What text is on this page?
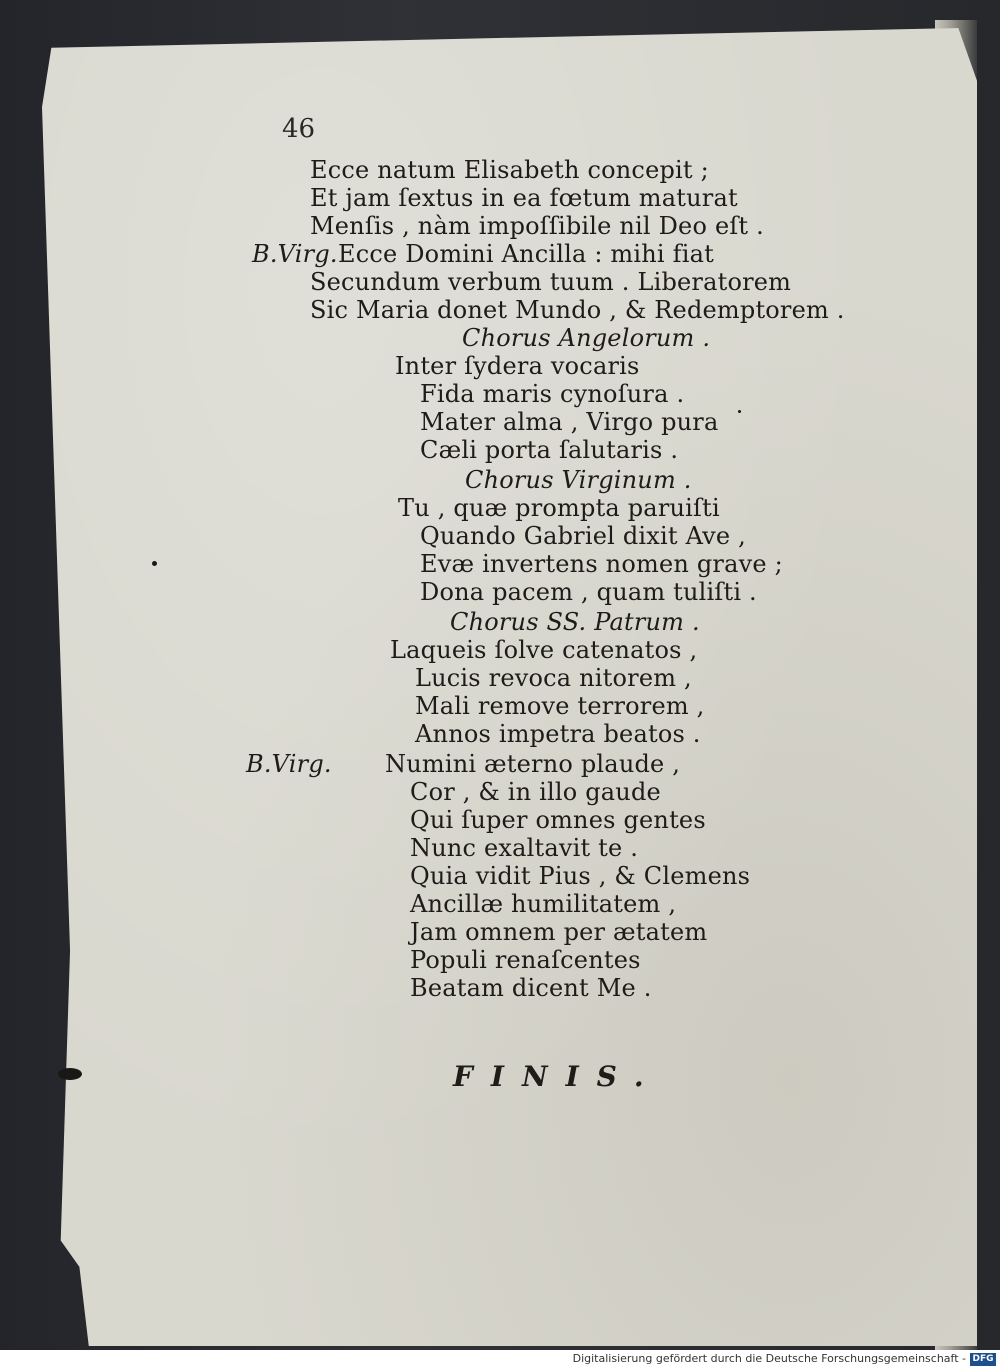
46
Ecce natum Elisabeth concepit ;
Et jam ſextus in ea fœtum maturat
Menſis , nàm impoſſibile nil Deo eſt .
B.Virg. Ecce Domini Ancilla : mihi fiat
Secundum verbum tuum . Liberatorem
Sic Maria donet Mundo , & Redemptorem .
Chorus Angelorum .
Inter ſydera vocaris
Fida maris cynoſura .
Mater alma , Virgo pura
Cæli porta ſalutaris .
Chorus Virginum .
Tu , quæ prompta paruiſti
Quando Gabriel dixit Ave ,
Evæ invertens nomen grave ;
Dona pacem , quam tuliſti .
Chorus SS. Patrum .
Laqueis ſolve catenatos ,
Lucis revoca nitorem ,
Mali remove terrorem ,
Annos impetra beatos .
B.Virg. Numini æterno plaude ,
Cor , & in illo gaude
Qui ſuper omnes gentes
Nunc exaltavit te .
Quia vidit Pius , & Clemens
Ancillæ humilitatem ,
Jam omnem per ætatem
Populi renaſcentes
Beatam dicent Me .
FINIS.
Digitalisierung gefördert durch die Deutsche Forschungsgemeinschaft - DFG
